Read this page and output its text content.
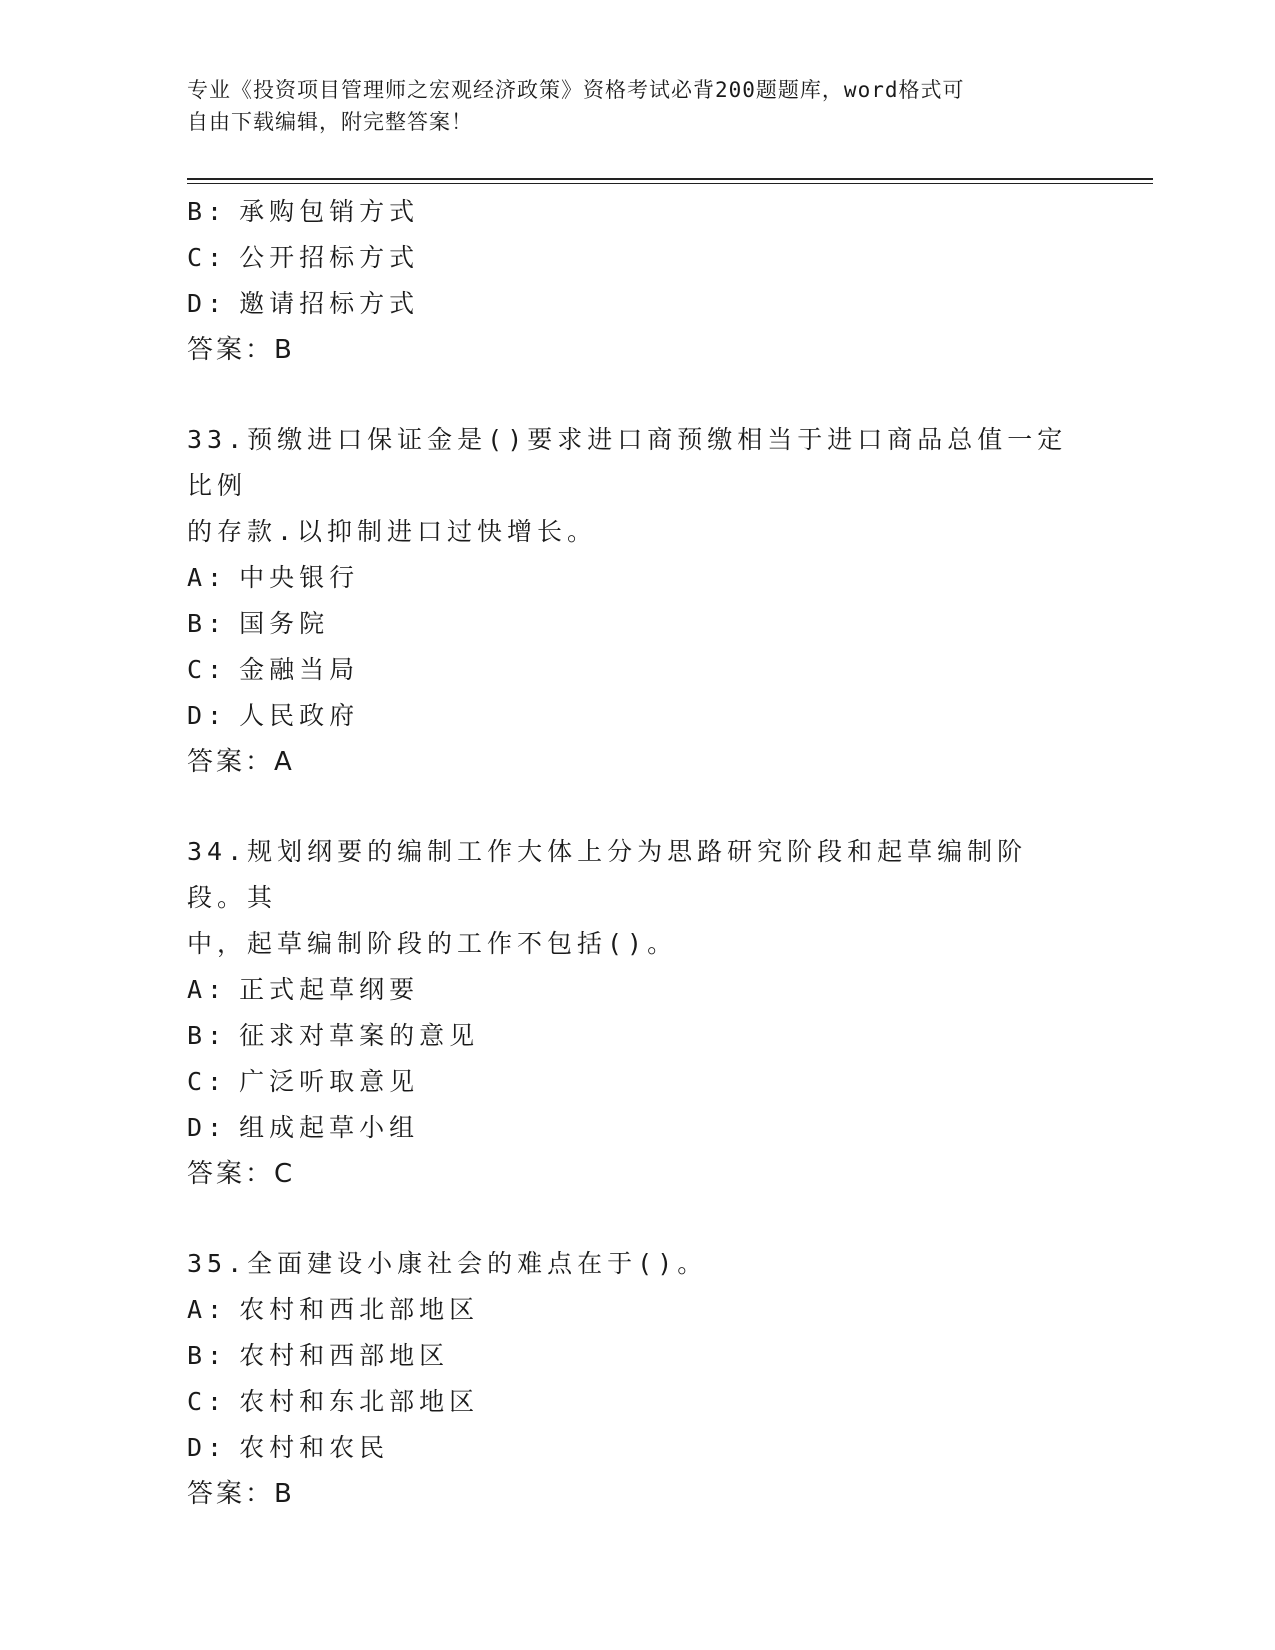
专业《投资项目管理师之宏观经济政策》资格考试必背200题题库，word格式可
自由下载编辑，附完整答案！
B: 承购包销方式
C: 公开招标方式
D: 邀请招标方式
答案：B
33.预缴进口保证金是()要求进口商预缴相当于进口商品总值一定比例
的存款.以抑制进口过快增长。
A: 中央银行
B: 国务院
C: 金融当局
D: 人民政府
答案：A
34.规划纲要的编制工作大体上分为思路研究阶段和起草编制阶段。其
中，起草编制阶段的工作不包括()。
A: 正式起草纲要
B: 征求对草案的意见
C: 广泛听取意见
D: 组成起草小组
答案：C
35.全面建设小康社会的难点在于()。
A: 农村和西北部地区
B: 农村和西部地区
C: 农村和东北部地区
D: 农村和农民
答案：B
